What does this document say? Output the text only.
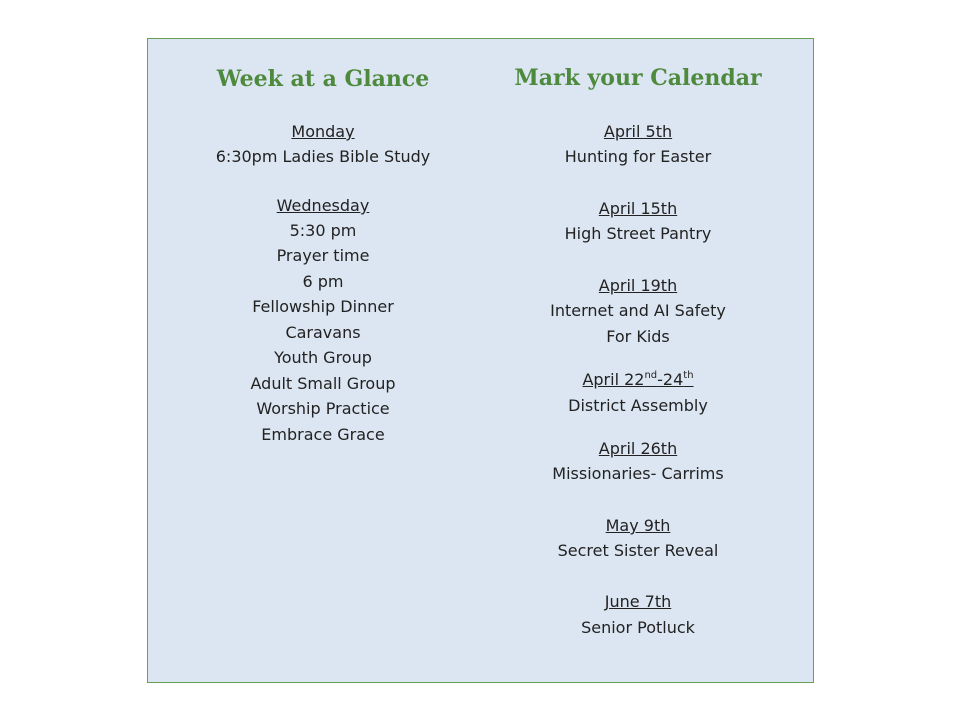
Week at a Glance
Monday
6:30pm Ladies Bible Study
Wednesday
5:30 pm
Prayer time
6 pm
Fellowship Dinner
Caravans
Youth Group
Adult Small Group
Worship Practice
Embrace Grace
Mark your Calendar
April 5th
Hunting for Easter
April 15th
High Street Pantry
April 19th
Internet and AI Safety
For Kids
April 22nd-24th
District Assembly
April 26th
Missionaries- Carrims
May 9th
Secret Sister Reveal
June 7th
Senior Potluck
